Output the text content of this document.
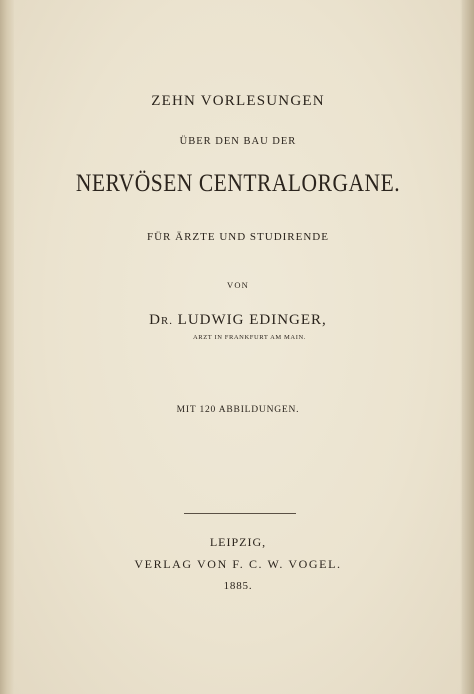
ZEHN VORLESUNGEN
ÜBER DEN BAU DER
NERVÖSEN CENTRALORGANE.
FÜR ÄRZTE UND STUDIRENDE
VON
DR. LUDWIG EDINGER,
ARZT IN FRANKFURT AM MAIN.
MIT 120 ABBILDUNGEN.
LEIPZIG,
VERLAG VON F. C. W. VOGEL.
1885.
